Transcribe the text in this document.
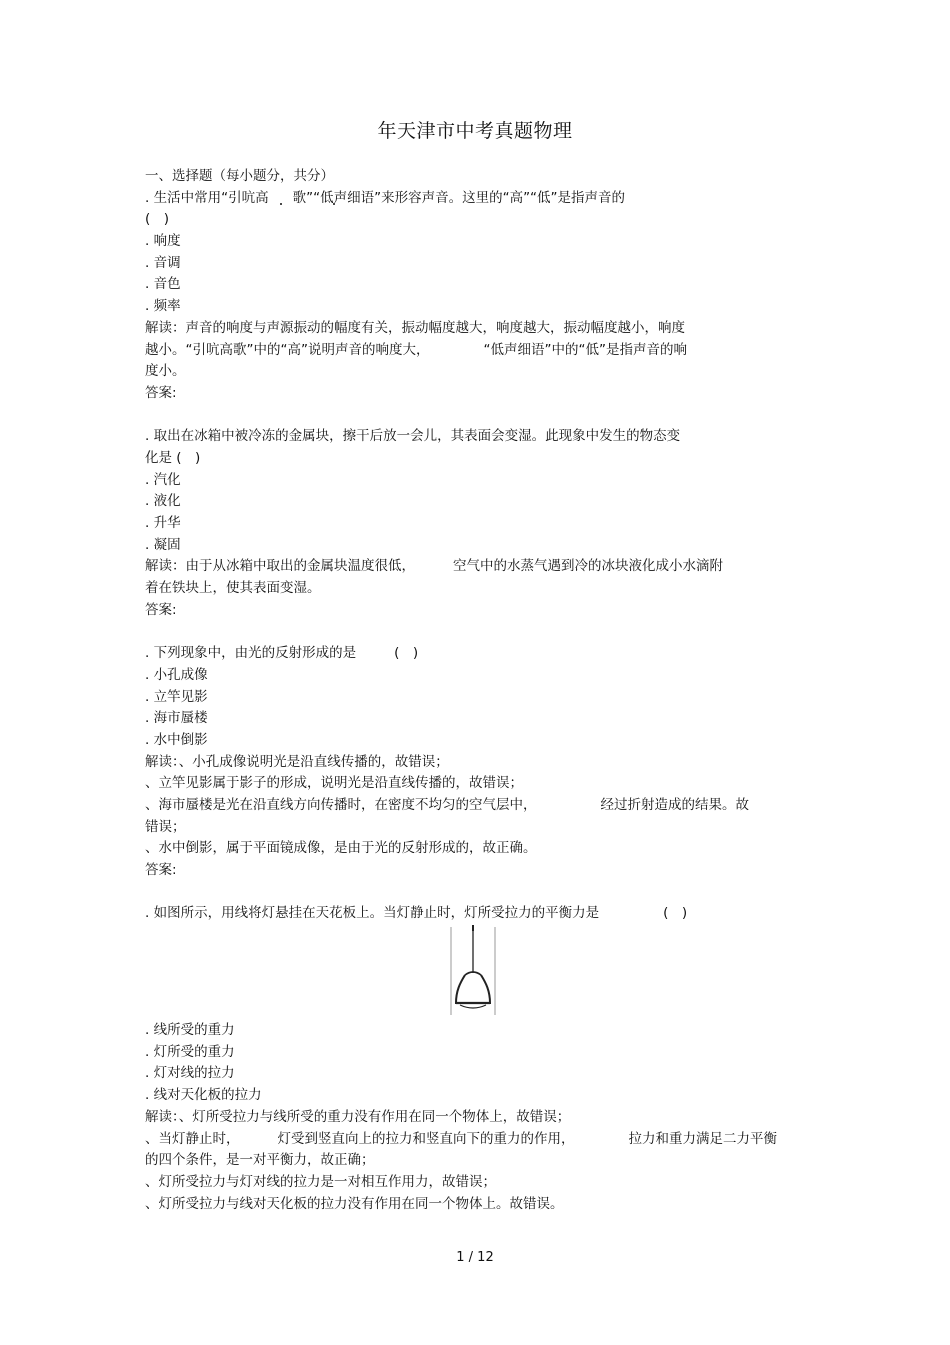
年天津市中考真题物理
一、选择题（每小题分，共分）
. 生活中常用“引吭高 歌”“低声细语”来形容声音。这里的“高”“低”是指声音的
(　)
. 响度
. 音调
. 音色
. 频率
解读：声音的响度与声源振动的幅度有关，振动幅度越大，响度越大，振动幅度越小，响度
越小。“引吭高歌”中的“高”说明声音的响度大，	“低声细语”中的“低”是指声音的响
度小。
答案:
. 取出在冰箱中被冷冻的金属块，擦干后放一会儿，其表面会变湿。此现象中发生的物态变
化是 (　)
. 汽化
. 液化
. 升华
. 凝固
解读：由于从冰箱中取出的金属块温度很低，	空气中的水蒸气遇到冷的冰块液化成小水滴附
着在铁块上，使其表面变湿。
答案:
. 下列现象中，由光的反射形成的是	(　)
. 小孔成像
. 立竿见影
. 海市蜃楼
. 水中倒影
解读：、小孔成像说明光是沿直线传播的，故错误；
、立竿见影属于影子的形成，说明光是沿直线传播的，故错误；
、海市蜃楼是光在沿直线方向传播时，在密度不均匀的空气层中，	经过折射造成的结果。故
错误；
、水中倒影，属于平面镜成像，是由于光的反射形成的，故正确。
答案:
. 如图所示，用线将灯悬挂在天花板上。当灯静止时，灯所受拉力的平衡力是	(　)
. 线所受的重力
. 灯所受的重力
. 灯对线的拉力
. 线对天化板的拉力
解读：、灯所受拉力与线所受的重力没有作用在同一个物体上，故错误；
、当灯静止时，	灯受到竖直向上的拉力和竖直向下的重力的作用，	拉力和重力满足二力平衡
的四个条件，是一对平衡力，故正确；
、灯所受拉力与灯对线的拉力是一对相互作用力，故错误；
、灯所受拉力与线对天化板的拉力没有作用在同一个物体上。故错误。
1 / 12
